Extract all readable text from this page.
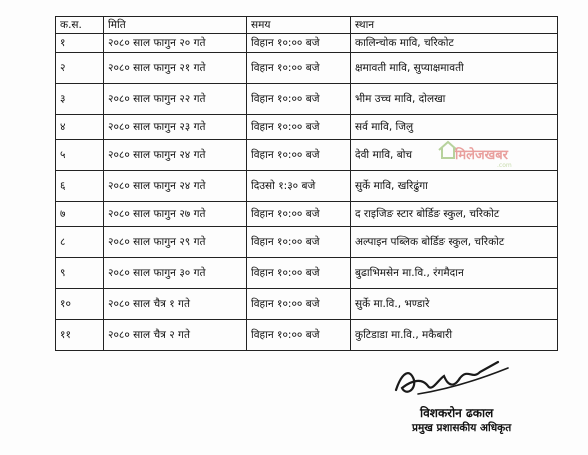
क.स.	मिति	समय	स्थान
१	२०८० साल फागुन २० गते	विहान १०:०० बजे	कालिन्चोक मावि, चरिकोट
२	२०८० साल फागुन २१ गते	विहान १०:०० बजे	क्षमावती मावि, सुप्याक्षमावती
३	२०८० साल फागुन २२ गते	विहान १०:०० बजे	भीम उच्च मावि, दोलखा
४	२०८० साल फागुन २३ गते	विहान १०:०० बजे	सर्व मावि, जिलु
५	२०८० साल फागुन २४ गते	विहान १०:०० बजे	देवी मावि, बोच
६	२०८० साल फागुन २४ गते	दिउसो १:३० बजे	सुर्के मावि, खरिढुंगा
७	२०८० साल फागुन २७ गते	विहान १०:०० बजे	द राइजिङ स्टार बोर्डिङ स्कुल, चरिकोट
८	२०८० साल फागुन २९ गते	विहान १०:०० बजे	अल्पाइन पब्लिक बोर्डिङ स्कुल, चरिकोट
९	२०८० साल फागुन ३० गते	विहान १०:०० बजे	बुढाभिमसेन मा.वि., रंगमैदान
१०	२०८० साल चैत्र १ गते	विहान १०:०० बजे	सुर्के मा.वि., भण्डारे
११	२०८० साल चैत्र २ गते	विहान १०:०० बजे	कुटिडाडा मा.वि., मकैबारी
मिलेजखबर
.com
विशकरोन ढकाल
प्रमुख प्रशासकीय अधिकृत
